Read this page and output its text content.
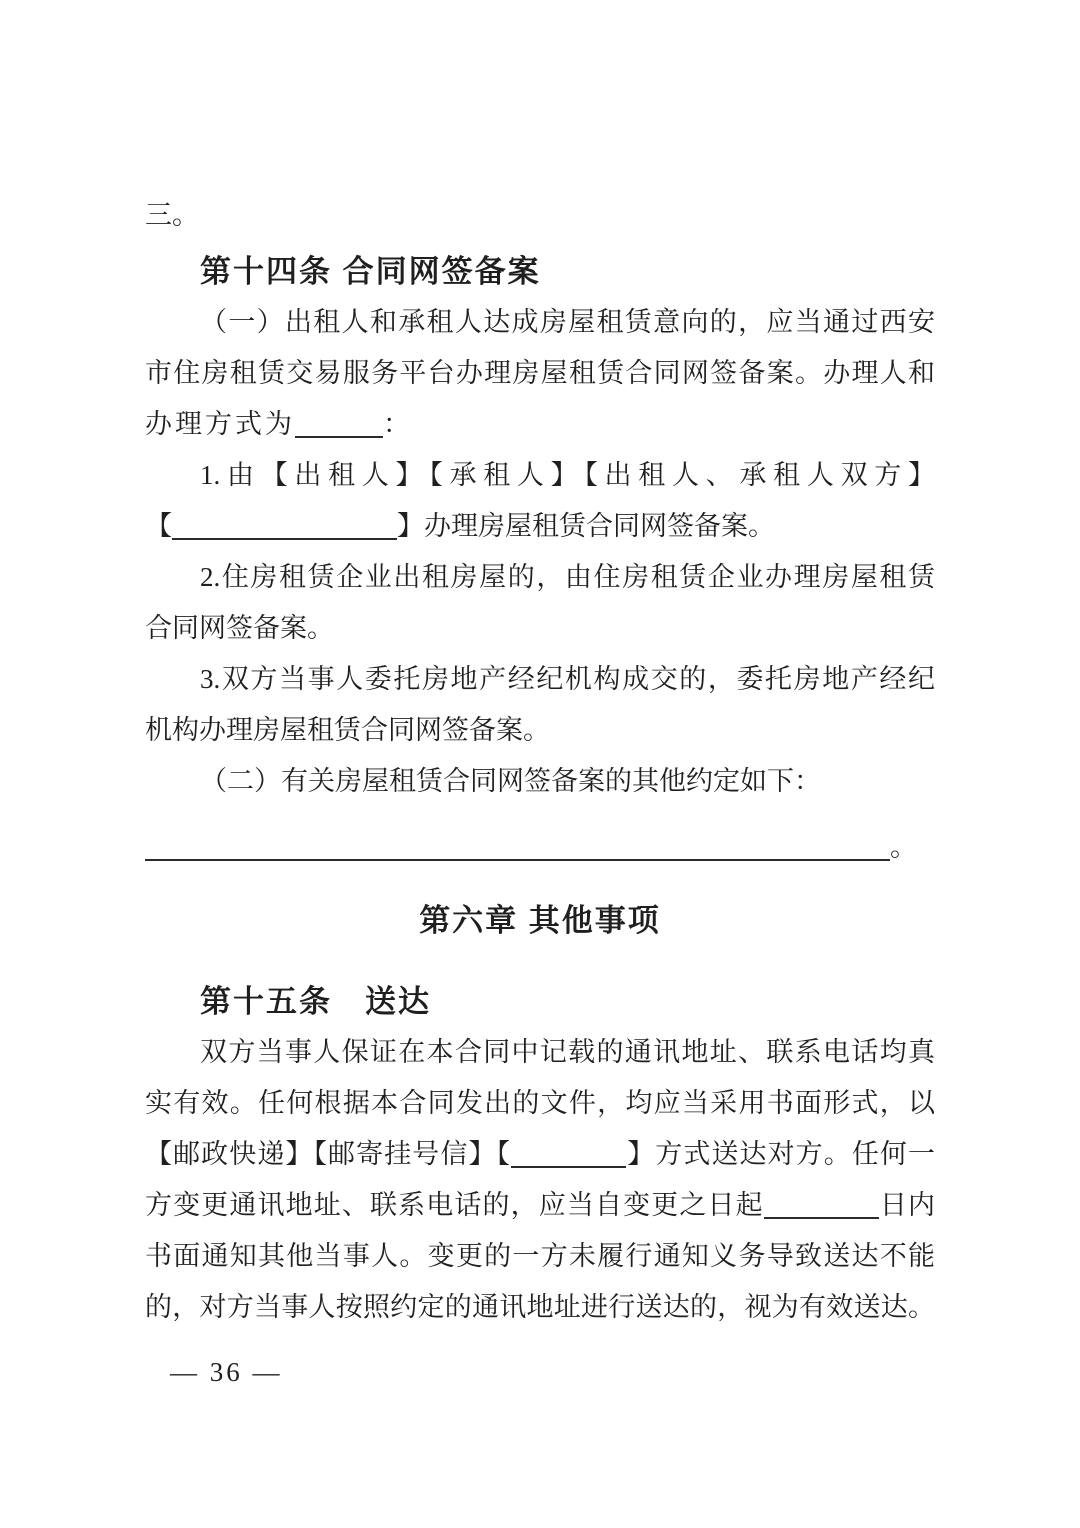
三。
第十四条 合同网签备案
（一）出租人和承租人达成房屋租赁意向的，应当通过西安
市住房租赁交易服务平台办理房屋租赁合同网签备案。办理人和
办理方式为	：
1.由【出租人】【承租人】【出租人、承租人双方】
【	】办理房屋租赁合同网签备案。
2.住房租赁企业出租房屋的，由住房租赁企业办理房屋租赁
合同网签备案。
3.双方当事人委托房地产经纪机构成交的，委托房地产经纪
机构办理房屋租赁合同网签备案。
（二）有关房屋租赁合同网签备案的其他约定如下：
。
第六章 其他事项
第十五条　送达
双方当事人保证在本合同中记载的通讯地址、联系电话均真
实有效。任何根据本合同发出的文件，均应当采用书面形式，以
【邮政快递】【邮寄挂号信】【	】方式送达对方。任何一
方变更通讯地址、联系电话的，应当自变更之日起	日内
书面通知其他当事人。变更的一方未履行通知义务导致送达不能
的，对方当事人按照约定的通讯地址进行送达的，视为有效送达。
— 36 —
